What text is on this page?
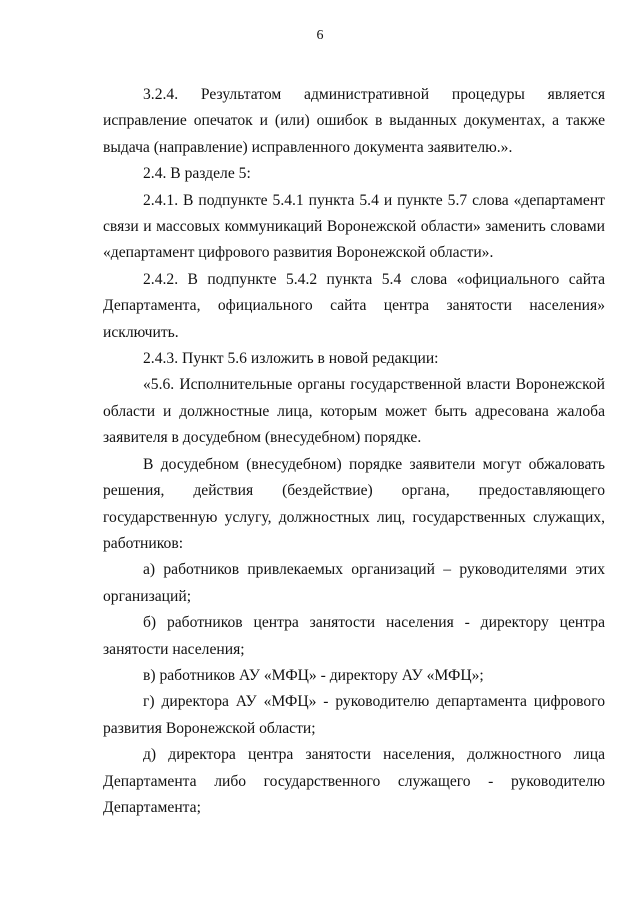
6

3.2.4. Результатом административной процедуры является исправление опечаток и (или) ошибок в выданных документах, а также выдача (направление) исправленного документа заявителю.».

2.4. В разделе 5:

2.4.1. В подпункте 5.4.1 пункта 5.4 и пункте 5.7 слова «департамент связи и массовых коммуникаций Воронежской области» заменить словами «департамент цифрового развития Воронежской области».

2.4.2. В подпункте 5.4.2 пункта 5.4 слова «официального сайта Департамента, официального сайта центра занятости населения» исключить.

2.4.3. Пункт 5.6 изложить в новой редакции:

«5.6. Исполнительные органы государственной власти Воронежской области и должностные лица, которым может быть адресована жалоба заявителя в досудебном (внесудебном) порядке.

В досудебном (внесудебном) порядке заявители могут обжаловать решения, действия (бездействие) органа, предоставляющего государственную услугу, должностных лиц, государственных служащих, работников:

а) работников привлекаемых организаций – руководителями этих организаций;

б) работников центра занятости населения - директору центра занятости населения;

в) работников АУ «МФЦ» - директору АУ «МФЦ»;

г) директора АУ «МФЦ» - руководителю департамента цифрового развития Воронежской области;

д) директора центра занятости населения, должностного лица Департамента либо государственного служащего - руководителю Департамента;
